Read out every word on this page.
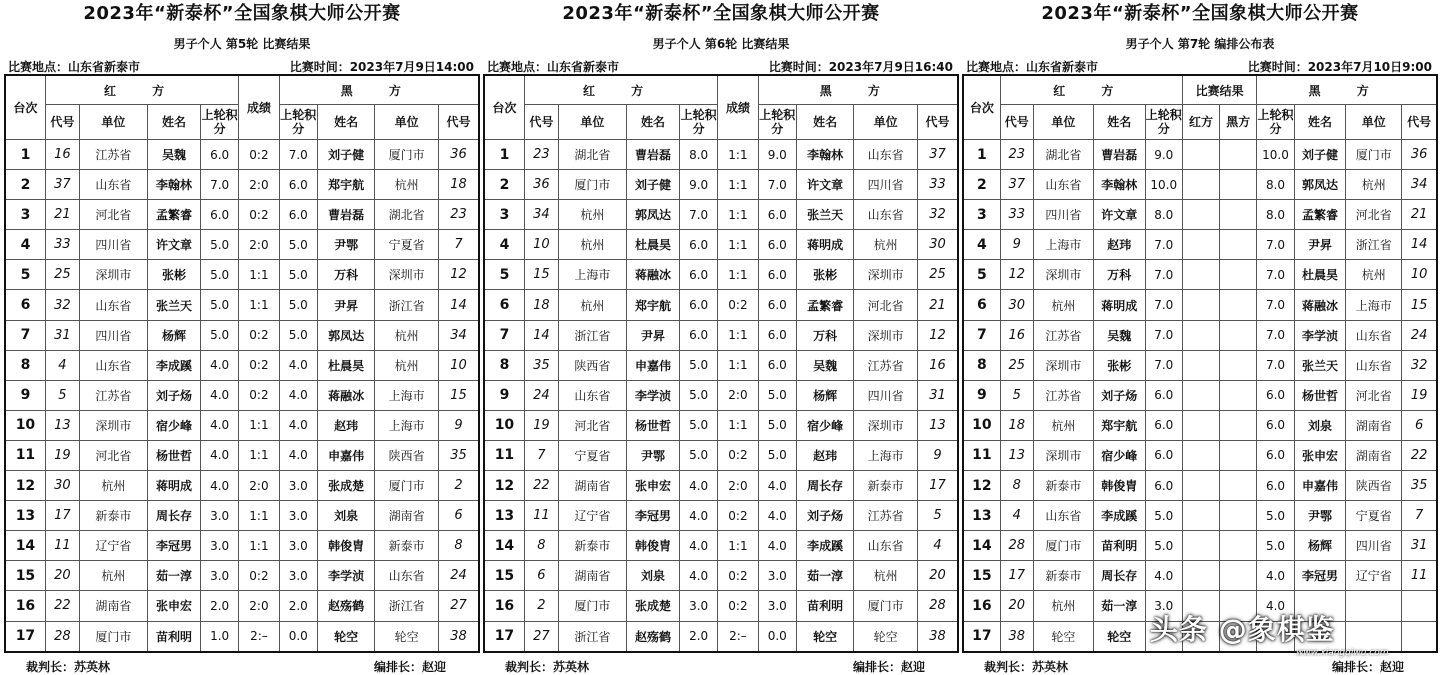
2023年“新泰杯”全国象棋大师公开赛
男子个人 第5轮 比赛结果
比赛地点：山东省新泰市	比赛时间：2023年7月9日14:00
台次	红 方				成绩	黑 方			
	代号	单位	姓名	上轮积分		上轮积分	姓名	单位	代号
1	16	江苏省	吴魏	6.0	0:2	7.0	刘子健	厦门市	36
2	37	山东省	李翰林	7.0	2:0	6.0	郑宇航	杭州	18
3	21	河北省	孟繁睿	6.0	0:2	6.0	曹岩磊	湖北省	23
4	33	四川省	许文章	5.0	2:0	5.0	尹鄂	宁夏省	7
5	25	深圳市	张彬	5.0	1:1	5.0	万科	深圳市	12
6	32	山东省	张兰天	5.0	1:1	5.0	尹昇	浙江省	14
7	31	四川省	杨辉	5.0	0:2	5.0	郭凤达	杭州	34
8	4	山东省	李成蹊	4.0	0:2	4.0	杜晨昊	杭州	10
9	5	江苏省	刘子炀	4.0	0:2	4.0	蒋融冰	上海市	15
10	13	深圳市	宿少峰	4.0	1:1	4.0	赵玮	上海市	9
11	19	河北省	杨世哲	4.0	1:1	4.0	申嘉伟	陕西省	35
12	30	杭州	蒋明成	4.0	2:0	3.0	张成楚	厦门市	2
13	17	新泰市	周长存	3.0	1:1	3.0	刘泉	湖南省	6
14	11	辽宁省	李冠男	3.0	1:1	3.0	韩俊胄	新泰市	8
15	20	杭州	茹一淳	3.0	0:2	3.0	李学浈	山东省	24
16	22	湖南省	张申宏	2.0	2:0	2.0	赵殇鹤	浙江省	27
17	28	厦门市	苗利明	1.0	2:–	0.0	轮空	轮空	38
裁判长：苏英林	编排长：赵迎
2023年“新泰杯”全国象棋大师公开赛
男子个人 第6轮 比赛结果
比赛地点：山东省新泰市	比赛时间：2023年7月9日16:40
台次	红 方				成绩	黑 方			
	代号	单位	姓名	上轮积分		上轮积分	姓名	单位	代号
1	23	湖北省	曹岩磊	8.0	1:1	9.0	李翰林	山东省	37
2	36	厦门市	刘子健	9.0	1:1	7.0	许文章	四川省	33
3	34	杭州	郭凤达	7.0	1:1	6.0	张兰天	山东省	32
4	10	杭州	杜晨昊	6.0	1:1	6.0	蒋明成	杭州	30
5	15	上海市	蒋融冰	6.0	1:1	6.0	张彬	深圳市	25
6	18	杭州	郑宇航	6.0	0:2	6.0	孟繁睿	河北省	21
7	14	浙江省	尹昇	6.0	1:1	6.0	万科	深圳市	12
8	35	陕西省	申嘉伟	5.0	1:1	6.0	吴魏	江苏省	16
9	24	山东省	李学浈	5.0	2:0	5.0	杨辉	四川省	31
10	19	河北省	杨世哲	5.0	1:1	5.0	宿少峰	深圳市	13
11	7	宁夏省	尹鄂	5.0	0:2	5.0	赵玮	上海市	9
12	22	湖南省	张申宏	4.0	2:0	4.0	周长存	新泰市	17
13	11	辽宁省	李冠男	4.0	0:2	4.0	刘子炀	江苏省	5
14	8	新泰市	韩俊胄	4.0	1:1	4.0	李成蹊	山东省	4
15	6	湖南省	刘泉	4.0	0:2	3.0	茹一淳	杭州	20
16	2	厦门市	张成楚	3.0	0:2	3.0	苗利明	厦门市	28
17	27	浙江省	赵殇鹤	2.0	2:–	0.0	轮空	轮空	38
裁判长：苏英林	编排长：赵迎
2023年“新泰杯”全国象棋大师公开赛
男子个人 第7轮 编排公布表
比赛地点：山东省新泰市	比赛时间：2023年7月10日9:00
台次	红 方				比赛结果		黑 方			
	代号	单位	姓名	上轮积分	红方	黑方	上轮积分	姓名	单位	代号
1	23	湖北省	曹岩磊	9.0			10.0	刘子健	厦门市	36
2	37	山东省	李翰林	10.0			8.0	郭凤达	杭州	34
3	33	四川省	许文章	8.0			8.0	孟繁睿	河北省	21
4	9	上海市	赵玮	7.0			7.0	尹昇	浙江省	14
5	12	深圳市	万科	7.0			7.0	杜晨昊	杭州	10
6	30	杭州	蒋明成	7.0			7.0	蒋融冰	上海市	15
7	16	江苏省	吴魏	7.0			7.0	李学浈	山东省	24
8	25	深圳市	张彬	7.0			7.0	张兰天	山东省	32
9	5	江苏省	刘子炀	6.0			6.0	杨世哲	河北省	19
10	18	杭州	郑宇航	6.0			6.0	刘泉	湖南省	6
11	13	深圳市	宿少峰	6.0			6.0	张申宏	湖南省	22
12	8	新泰市	韩俊胄	6.0			6.0	申嘉伟	陕西省	35
13	4	山东省	李成蹊	5.0			5.0	尹鄂	宁夏省	7
14	28	厦门市	苗利明	5.0			5.0	杨辉	四川省	31
15	17	新泰市	周长存	4.0			4.0	李冠男	辽宁省	11
16	20	杭州	茹一淳	3.0			4.0			
17	38	轮空	轮空							
裁判长：苏英林	编排长：赵迎
头条 @象棋鉴
www.xiangqiwu.com
